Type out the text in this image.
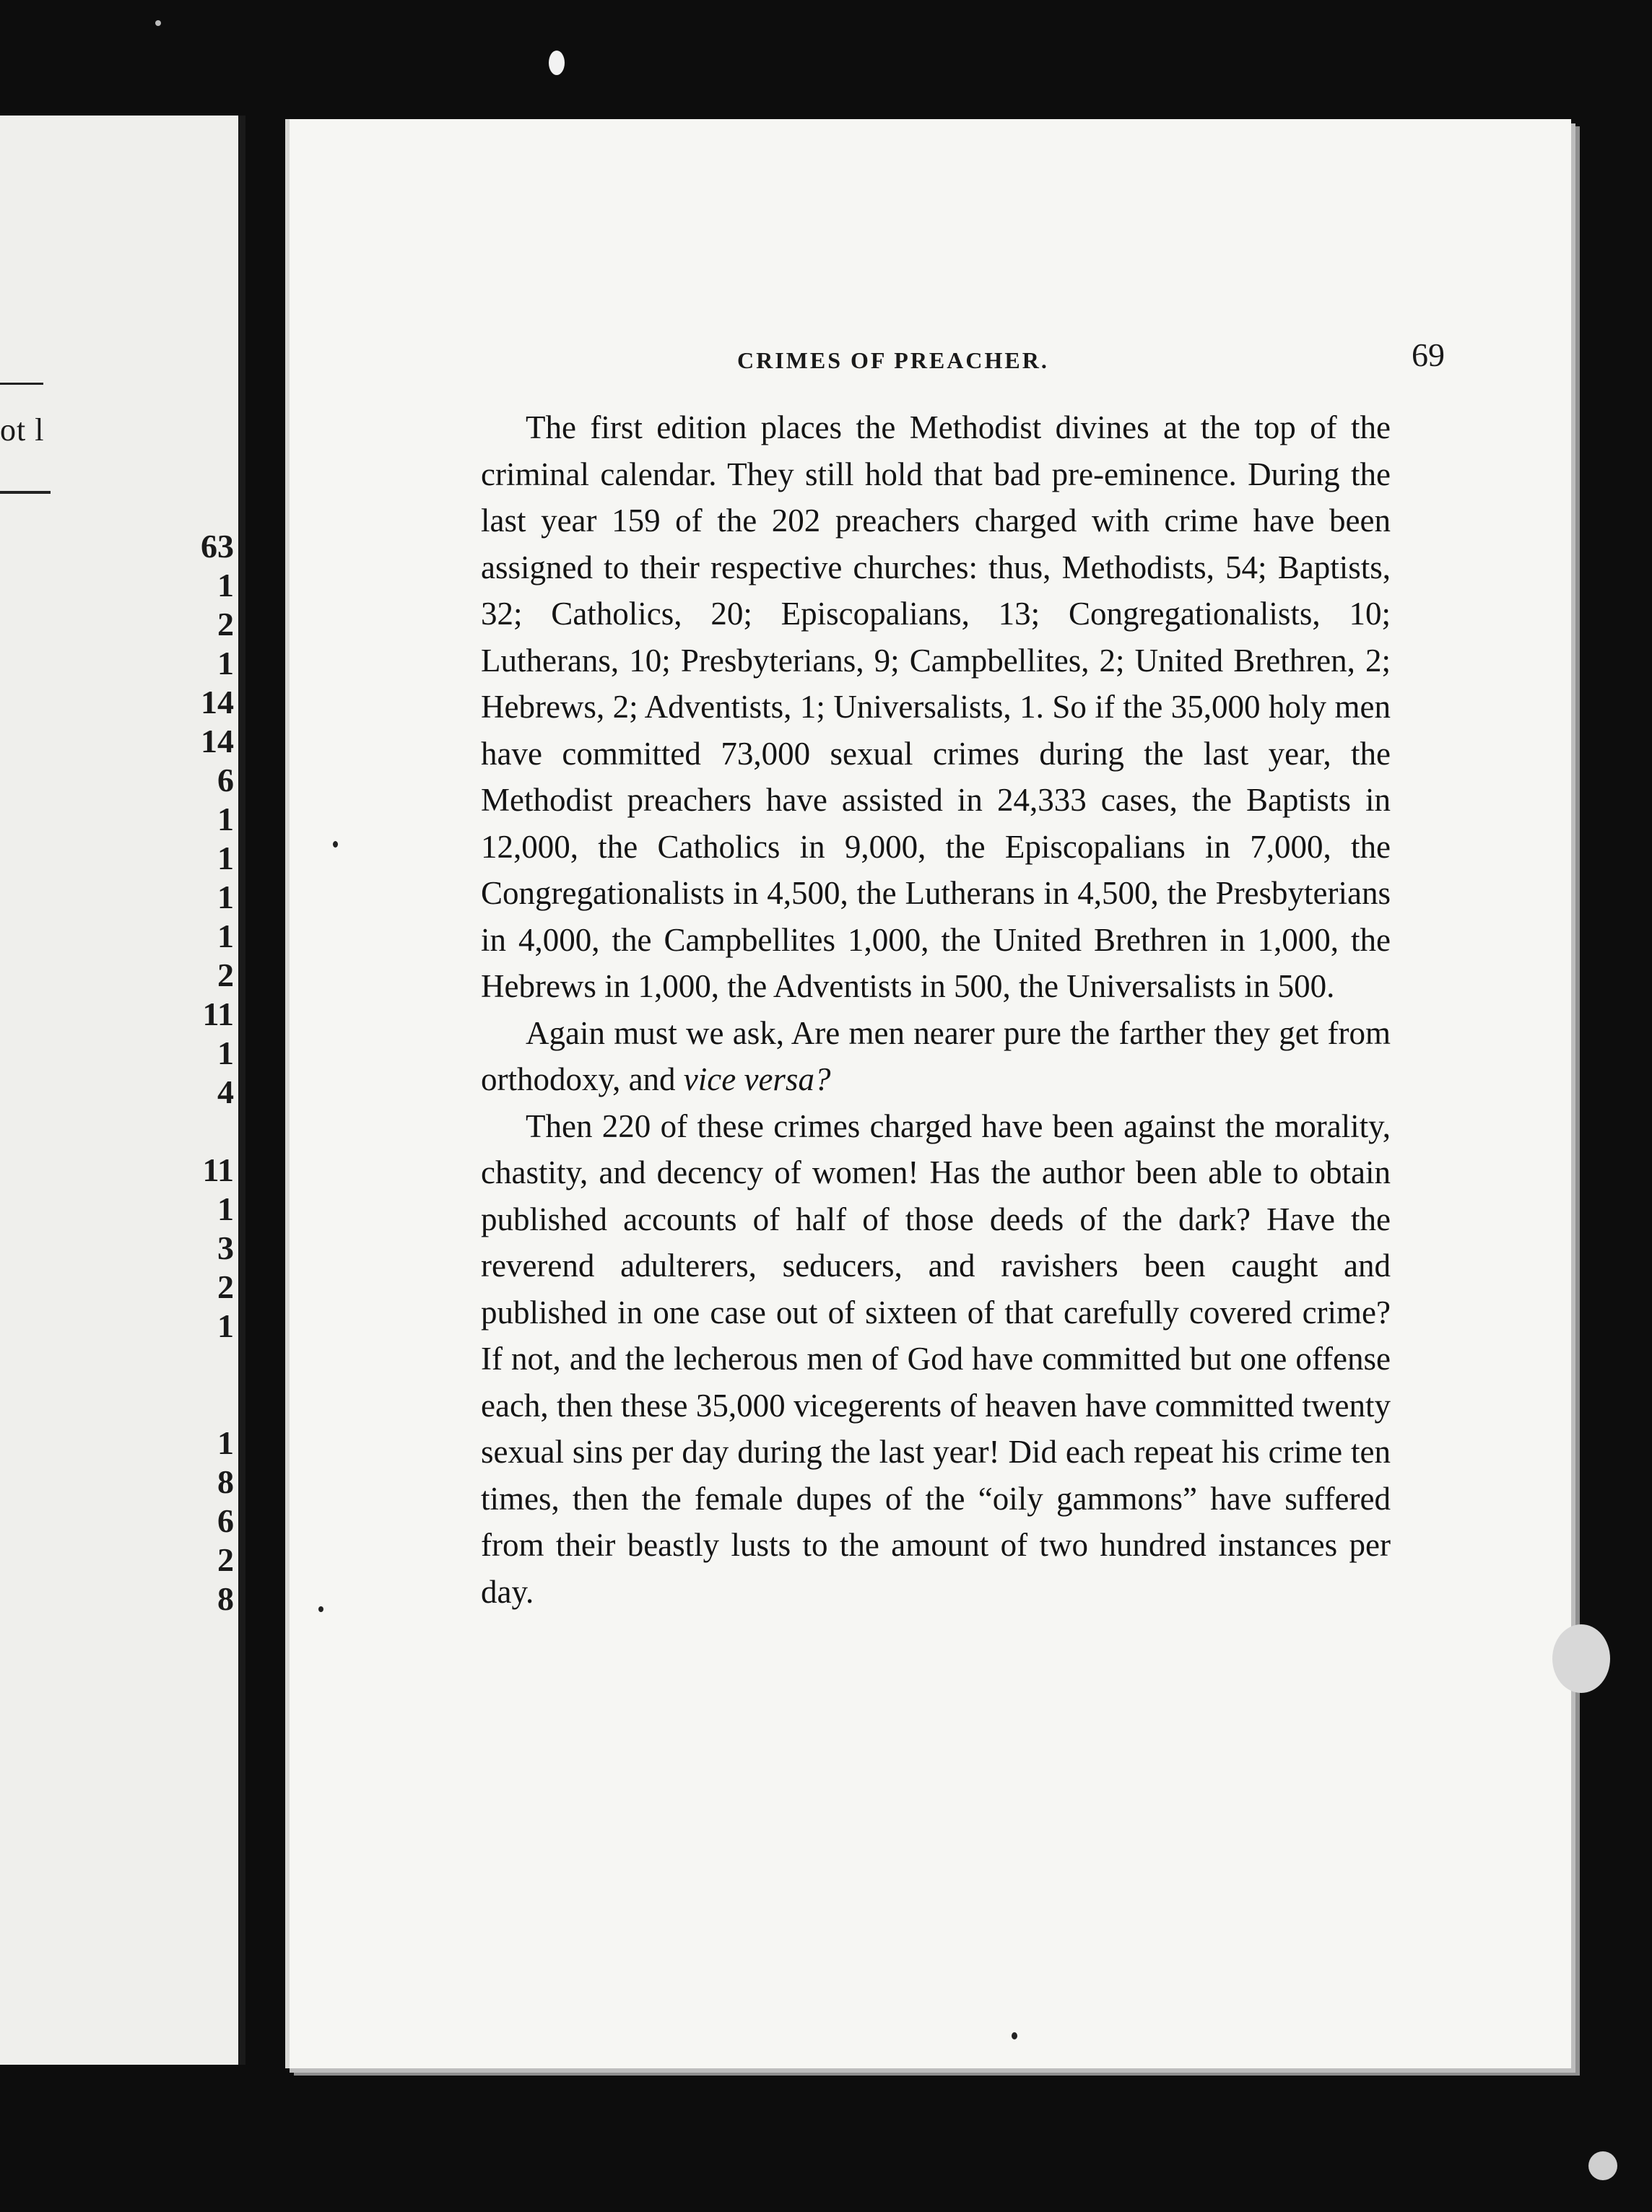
ot l
63
1
2
1
14
14
6
1
1
1
1
2
11
1
4
11
1
3
2
1
1
8
6
2
8
CRIMES OF PREACHER.	69

The first edition places the Methodist divines at the top of the criminal calendar. They still hold that bad pre-eminence. During the last year 159 of the 202 preachers charged with crime have been assigned to their respective churches: thus, Methodists, 54; Baptists, 32; Catholics, 20; Episcopalians, 13; Congregationalists, 10; Lutherans, 10; Presbyterians, 9; Campbellites, 2; United Brethren, 2; Hebrews, 2; Adventists, 1; Universalists, 1. So if the 35,000 holy men have committed 73,000 sexual crimes during the last year, the Methodist preachers have assisted in 24,333 cases, the Baptists in 12,000, the Catholics in 9,000, the Episcopalians in 7,000, the Congregationalists in 4,500, the Lutherans in 4,500, the Presbyterians in 4,000, the Campbellites 1,000, the United Brethren in 1,000, the Hebrews in 1,000, the Adventists in 500, the Universalists in 500.

Again must we ask, Are men nearer pure the farther they get from orthodoxy, and vice versa?

Then 220 of these crimes charged have been against the morality, chastity, and decency of women! Has the author been able to obtain published accounts of half of those deeds of the dark? Have the reverend adulterers, seducers, and ravishers been caught and published in one case out of sixteen of that carefully covered crime? If not, and the lecherous men of God have committed but one offense each, then these 35,000 vicegerents of heaven have committed twenty sexual sins per day during the last year! Did each repeat his crime ten times, then the female dupes of the “oily gammons” have suffered from their beastly lusts to the amount of two hundred instances per day.
